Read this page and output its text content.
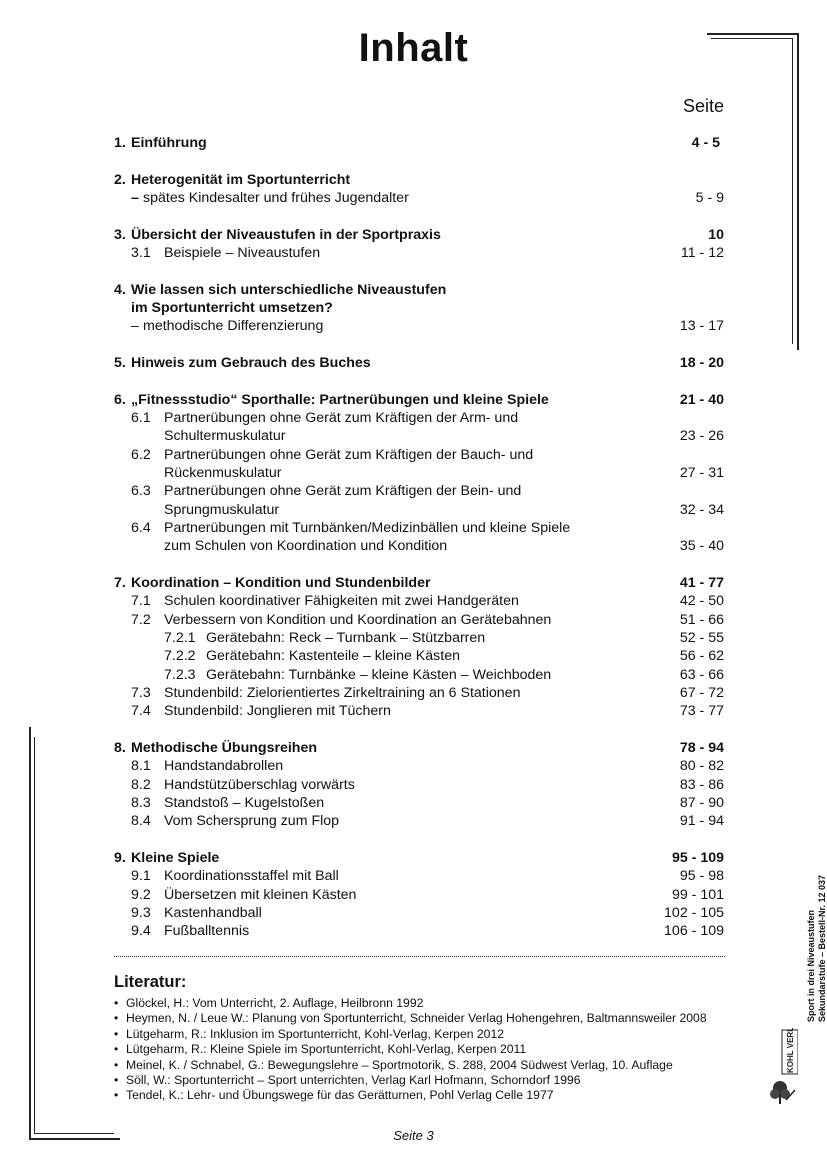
Inhalt
Seite
1. Einführung	4 - 5
2. Heterogenität im Sportunterricht
– spätes Kindesalter und frühes Jugendalter	5 - 9
3. Übersicht der Niveaustufen in der Sportpraxis	10
3.1 Beispiele – Niveaustufen	11 - 12
4. Wie lassen sich unterschiedliche Niveaustufen
im Sportunterricht umsetzen?
– methodische Differenzierung	13 - 17
5. Hinweis zum Gebrauch des Buches	18 - 20
6. „Fitnessstudio“ Sporthalle: Partnerübungen und kleine Spiele	21 - 40
6.1 Partnerübungen ohne Gerät zum Kräftigen der Arm- und
Schultermuskulatur	23 - 26
6.2 Partnerübungen ohne Gerät zum Kräftigen der Bauch- und
Rückenmuskulatur	27 - 31
6.3 Partnerübungen ohne Gerät zum Kräftigen der Bein- und
Sprungmuskulatur	32 - 34
6.4 Partnerübungen mit Turnbänken/Medizinbällen und kleine Spiele
zum Schulen von Koordination und Kondition	35 - 40
7. Koordination – Kondition und Stundenbilder	41 - 77
7.1 Schulen koordinativer Fähigkeiten mit zwei Handgeräten	42 - 50
7.2 Verbessern von Kondition und Koordination an Gerätebahnen	51 - 66
7.2.1 Gerätebahn: Reck – Turnbank – Stützbarren	52 - 55
7.2.2 Gerätebahn: Kastenteile – kleine Kästen	56 - 62
7.2.3 Gerätebahn: Turnbänke – kleine Kästen – Weichboden	63 - 66
7.3 Stundenbild: Zielorientiertes Zirkeltraining an 6 Stationen	67 - 72
7.4 Stundenbild: Jonglieren mit Tüchern	73 - 77
8. Methodische Übungsreihen	78 - 94
8.1 Handstandabrollen	80 - 82
8.2 Handstützüberschlag vorwärts	83 - 86
8.3 Standstoß – Kugelstoßen	87 - 90
8.4 Vom Schersprung zum Flop	91 - 94
9. Kleine Spiele	95 - 109
9.1 Koordinationsstaffel mit Ball	95 - 98
9.2 Übersetzen mit kleinen Kästen	99 - 101
9.3 Kastenhandball	102 - 105
9.4 Fußballtennis	106 - 109
Literatur:
• Glöckel, H.: Vom Unterricht, 2. Auflage, Heilbronn 1992
• Heymen, N. / Leue W.: Planung von Sportunterricht, Schneider Verlag Hohengehren, Baltmannsweiler 2008
• Lütgeharm, R.: Inklusion im Sportunterricht, Kohl-Verlag, Kerpen 2012
• Lütgeharm, R.: Kleine Spiele im Sportunterricht, Kohl-Verlag, Kerpen 2011
• Meinel, K. / Schnabel, G.: Bewegungslehre – Sportmotorik, S. 288, 2004 Südwest Verlag, 10. Auflage
• Söll, W.: Sportunterricht – Sport unterrichten, Verlag Karl Hofmann, Schorndorf 1996
• Tendel, K.: Lehr- und Übungswege für das Gerätturnen, Pohl Verlag Celle 1977
Seite 3
Sport in drei Niveaustufen Sekundarstufe – Bestell-Nr. 12 037
KOHL VERLAG
